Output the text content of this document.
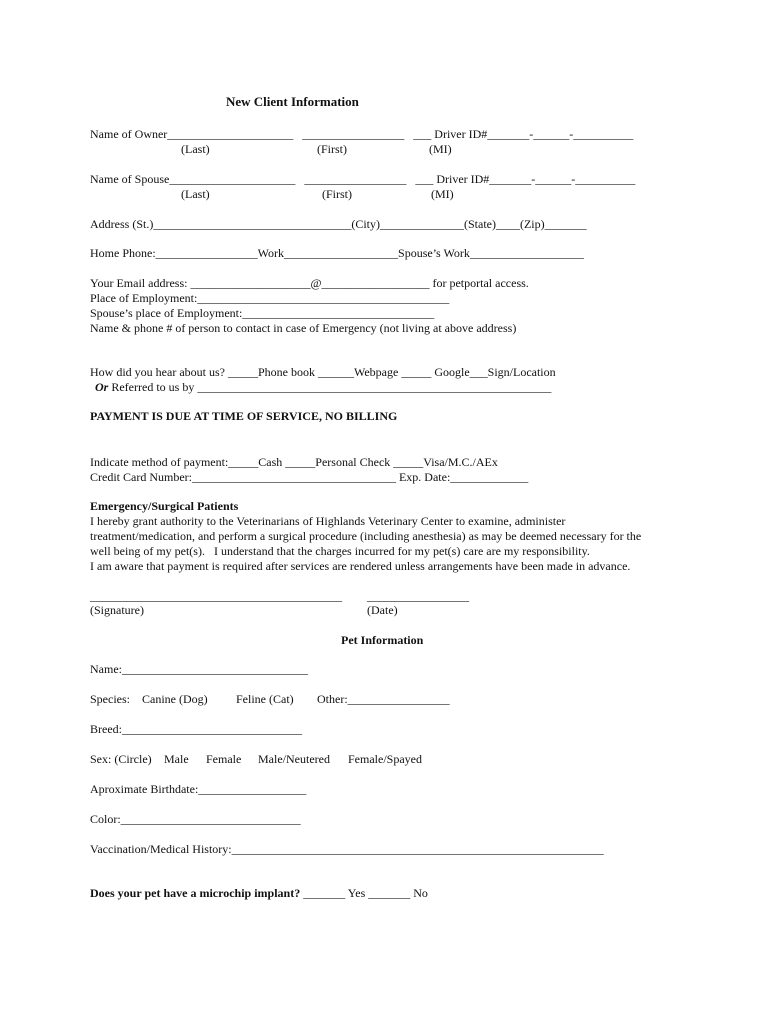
New Client Information
Name of Owner_____________________   _________________   ___ Driver ID#_______-______-__________
(Last)	(First)	(MI)
Name of Spouse_____________________   _________________   ___ Driver ID#_______-______-__________
(Last)	(First)	(MI)
Address (St.)_________________________________(City)______________(State)____(Zip)_______
Home Phone:_________________Work___________________Spouse’s Work___________________
Your Email address: ____________________@__________________ for petportal access.
Place of Employment:__________________________________________
Spouse’s place of Employment:________________________________
Name & phone # of person to contact in case of Emergency (not living at above address)
How did you hear about us? _____Phone book ______Webpage _____ Google___Sign/Location
Or Referred to us by ___________________________________________________________
PAYMENT IS DUE AT TIME OF SERVICE, NO BILLING
Indicate method of payment:_____Cash _____Personal Check _____Visa/M.C./AEx
Credit Card Number:__________________________________ Exp. Date:_____________
Emergency/Surgical Patients
I hereby grant authority to the Veterinarians of Highlands Veterinary Center to examine, administer
treatment/medication, and perform a surgical procedure (including anesthesia) as may be deemed necessary for the
well being of my pet(s).   I understand that the charges incurred for my pet(s) care are my responsibility.
I am aware that payment is required after services are rendered unless arrangements have been made in advance.
__________________________________________ _________________
(Signature)	(Date)
Pet Information
Name:_______________________________
Species: Canine (Dog) Feline (Cat) Other:_________________
Breed:______________________________
Sex: (Circle) Male Female Male/Neutered Female/Spayed
Aproximate Birthdate:__________________
Color:______________________________
Vaccination/Medical History:______________________________________________________________
Does your pet have a microchip implant? _______ Yes _______ No
